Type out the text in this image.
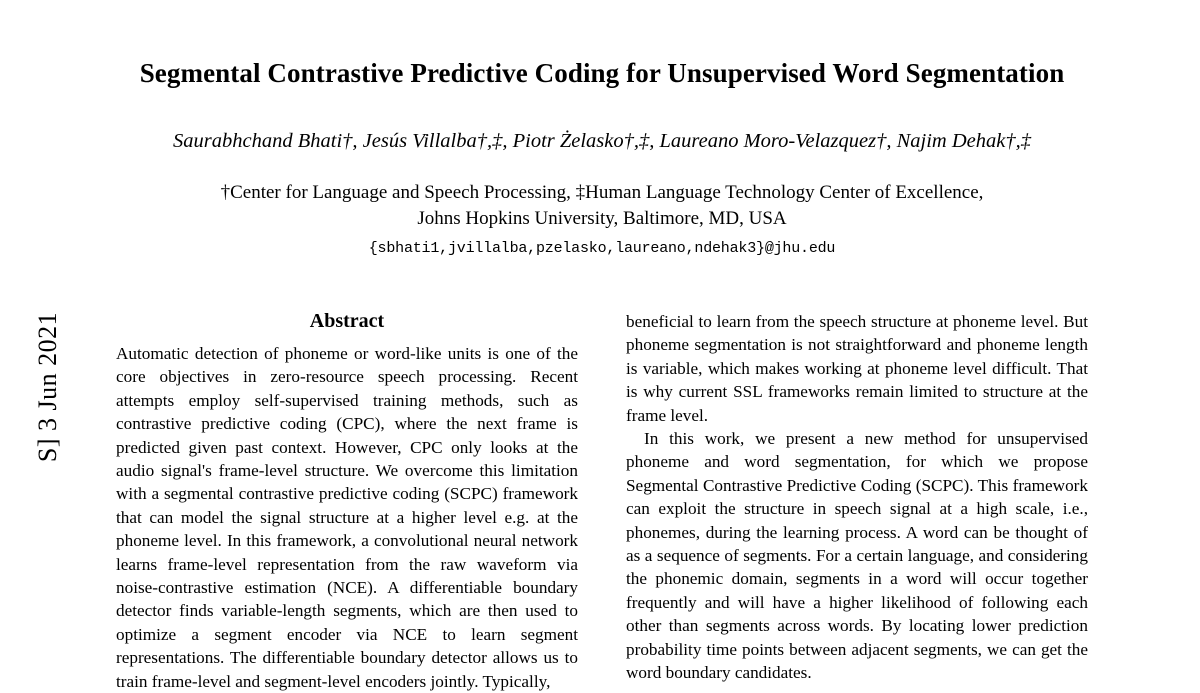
S] 3 Jun 2021
Segmental Contrastive Predictive Coding for Unsupervised Word Segmentation
Saurabhchand Bhati†, Jesús Villalba†,‡, Piotr Żelasko†,‡, Laureano Moro-Velazquez†, Najim Dehak†,‡
†Center for Language and Speech Processing, ‡Human Language Technology Center of Excellence,
Johns Hopkins University, Baltimore, MD, USA
{sbhati1,jvillalba,pzelasko,laureano,ndehak3}@jhu.edu
Abstract

Automatic detection of phoneme or word-like units is one of the core objectives in zero-resource speech processing. Recent attempts employ self-supervised training methods, such as contrastive predictive coding (CPC), where the next frame is predicted given past context. However, CPC only looks at the audio signal's frame-level structure. We overcome this limitation with a segmental contrastive predictive coding (SCPC) framework that can model the signal structure at a higher level e.g. at the phoneme level. In this framework, a convolutional neural network learns frame-level representation from the raw waveform via noise-contrastive estimation (NCE). A differentiable boundary detector finds variable-length segments, which are then used to optimize a segment encoder via NCE to learn segment representations. The differentiable boundary detector allows us to train frame-level and segment-level encoders jointly. Typically,

beneficial to learn from the speech structure at phoneme level. But phoneme segmentation is not straightforward and phoneme length is variable, which makes working at phoneme level difficult. That is why current SSL frameworks remain limited to structure at the frame level.

In this work, we present a new method for unsupervised phoneme and word segmentation, for which we propose Segmental Contrastive Predictive Coding (SCPC). This framework can exploit the structure in speech signal at a high scale, i.e., phonemes, during the learning process. A word can be thought of as a sequence of segments. For a certain language, and considering the phonemic domain, segments in a word will occur together frequently and will have a higher likelihood of following each other than segments across words. By locating lower prediction probability time points between adjacent segments, we can get the word boundary candidates.
